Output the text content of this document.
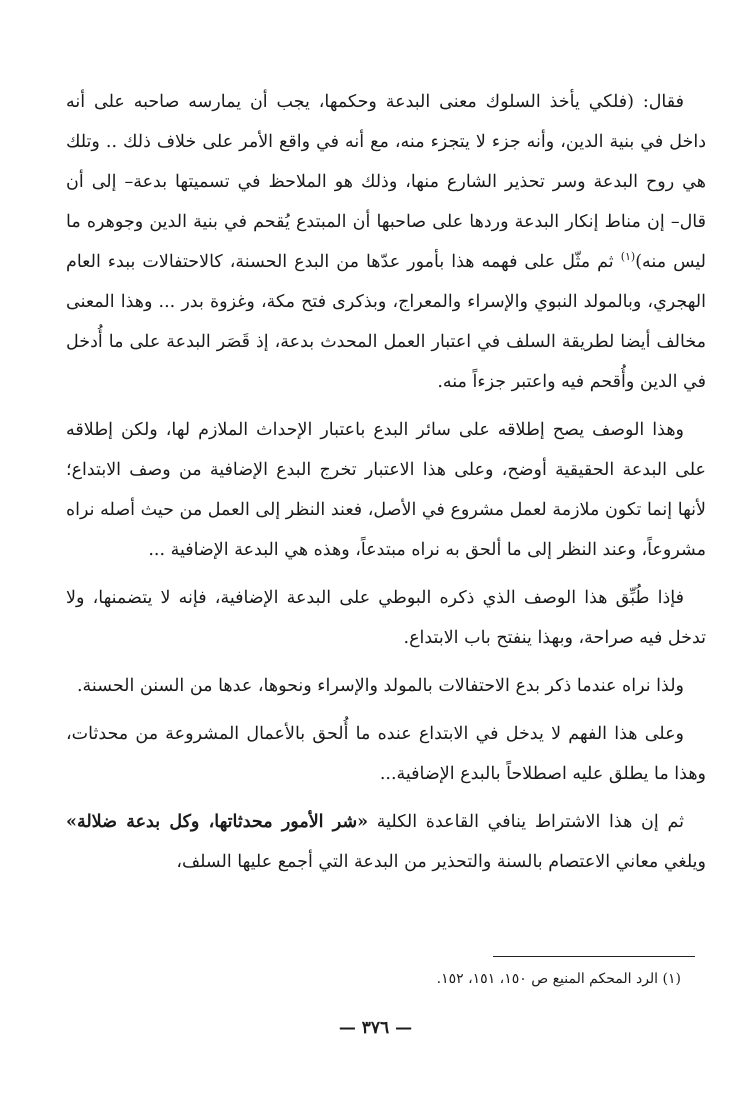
فقال: (فلكي يأخذ السلوك معنى البدعة وحكمها، يجب أن يمارسه صاحبه على أنه داخل في بنية الدين، وأنه جزء لا يتجزء منه، مع أنه في واقع الأمر على خلاف ذلك .. وتلك هي روح البدعة وسر تحذير الشارع منها، وذلك هو الملاحظ في تسميتها بدعة– إلى أن قال– إن مناط إنكار البدعة وردها على صاحبها أن المبتدع يُقحم في بنية الدين وجوهره ما ليس منه)$^{(١)}$ ثم مثّل على فهمه هذا بأمور عدّها من البدع الحسنة، كالاحتفالات ببدء العام الهجري، وبالمولد النبوي والإسراء والمعراج، وبذكرى فتح مكة، وغزوة بدر ... وهذا المعنى مخالف أيضا لطريقة السلف في اعتبار العمل المحدث بدعة، إذ قَصَر البدعة على ما أُدخل في الدين وأُقحم فيه واعتبر جزءاً منه.

وهذا الوصف يصح إطلاقه على سائر البدع باعتبار الإحداث الملازم لها، ولكن إطلاقه على البدعة الحقيقية أوضح، وعلى هذا الاعتبار تخرج البدع الإضافية من وصف الابتداع؛ لأنها إنما تكون ملازمة لعمل مشروع في الأصل، فعند النظر إلى العمل من حيث أصله نراه مشروعاً، وعند النظر إلى ما ألحق به نراه مبتدعاً، وهذه هي البدعة الإضافية ...

فإذا طُبِّق هذا الوصف الذي ذكره البوطي على البدعة الإضافية، فإنه لا يتضمنها، ولا تدخل فيه صراحة، وبهذا ينفتح باب الابتداع.

ولذا نراه عندما ذكر بدع الاحتفالات بالمولد والإسراء ونحوها، عدها من السنن الحسنة.

وعلى هذا الفهم لا يدخل في الابتداع عنده ما أُلحق بالأعمال المشروعة من محدثات، وهذا ما يطلق عليه اصطلاحاً بالبدع الإضافية...

ثم إن هذا الاشتراط ينافي القاعدة الكلية «شر الأمور محدثاتها، وكل بدعة ضلالة» ويلغي معاني الاعتصام بالسنة والتحذير من البدعة التي أجمع عليها السلف،

(١) الرد المحكم المنيع ص ١٥٠، ١٥١، ١٥٢.
— ٣٧٦ —
